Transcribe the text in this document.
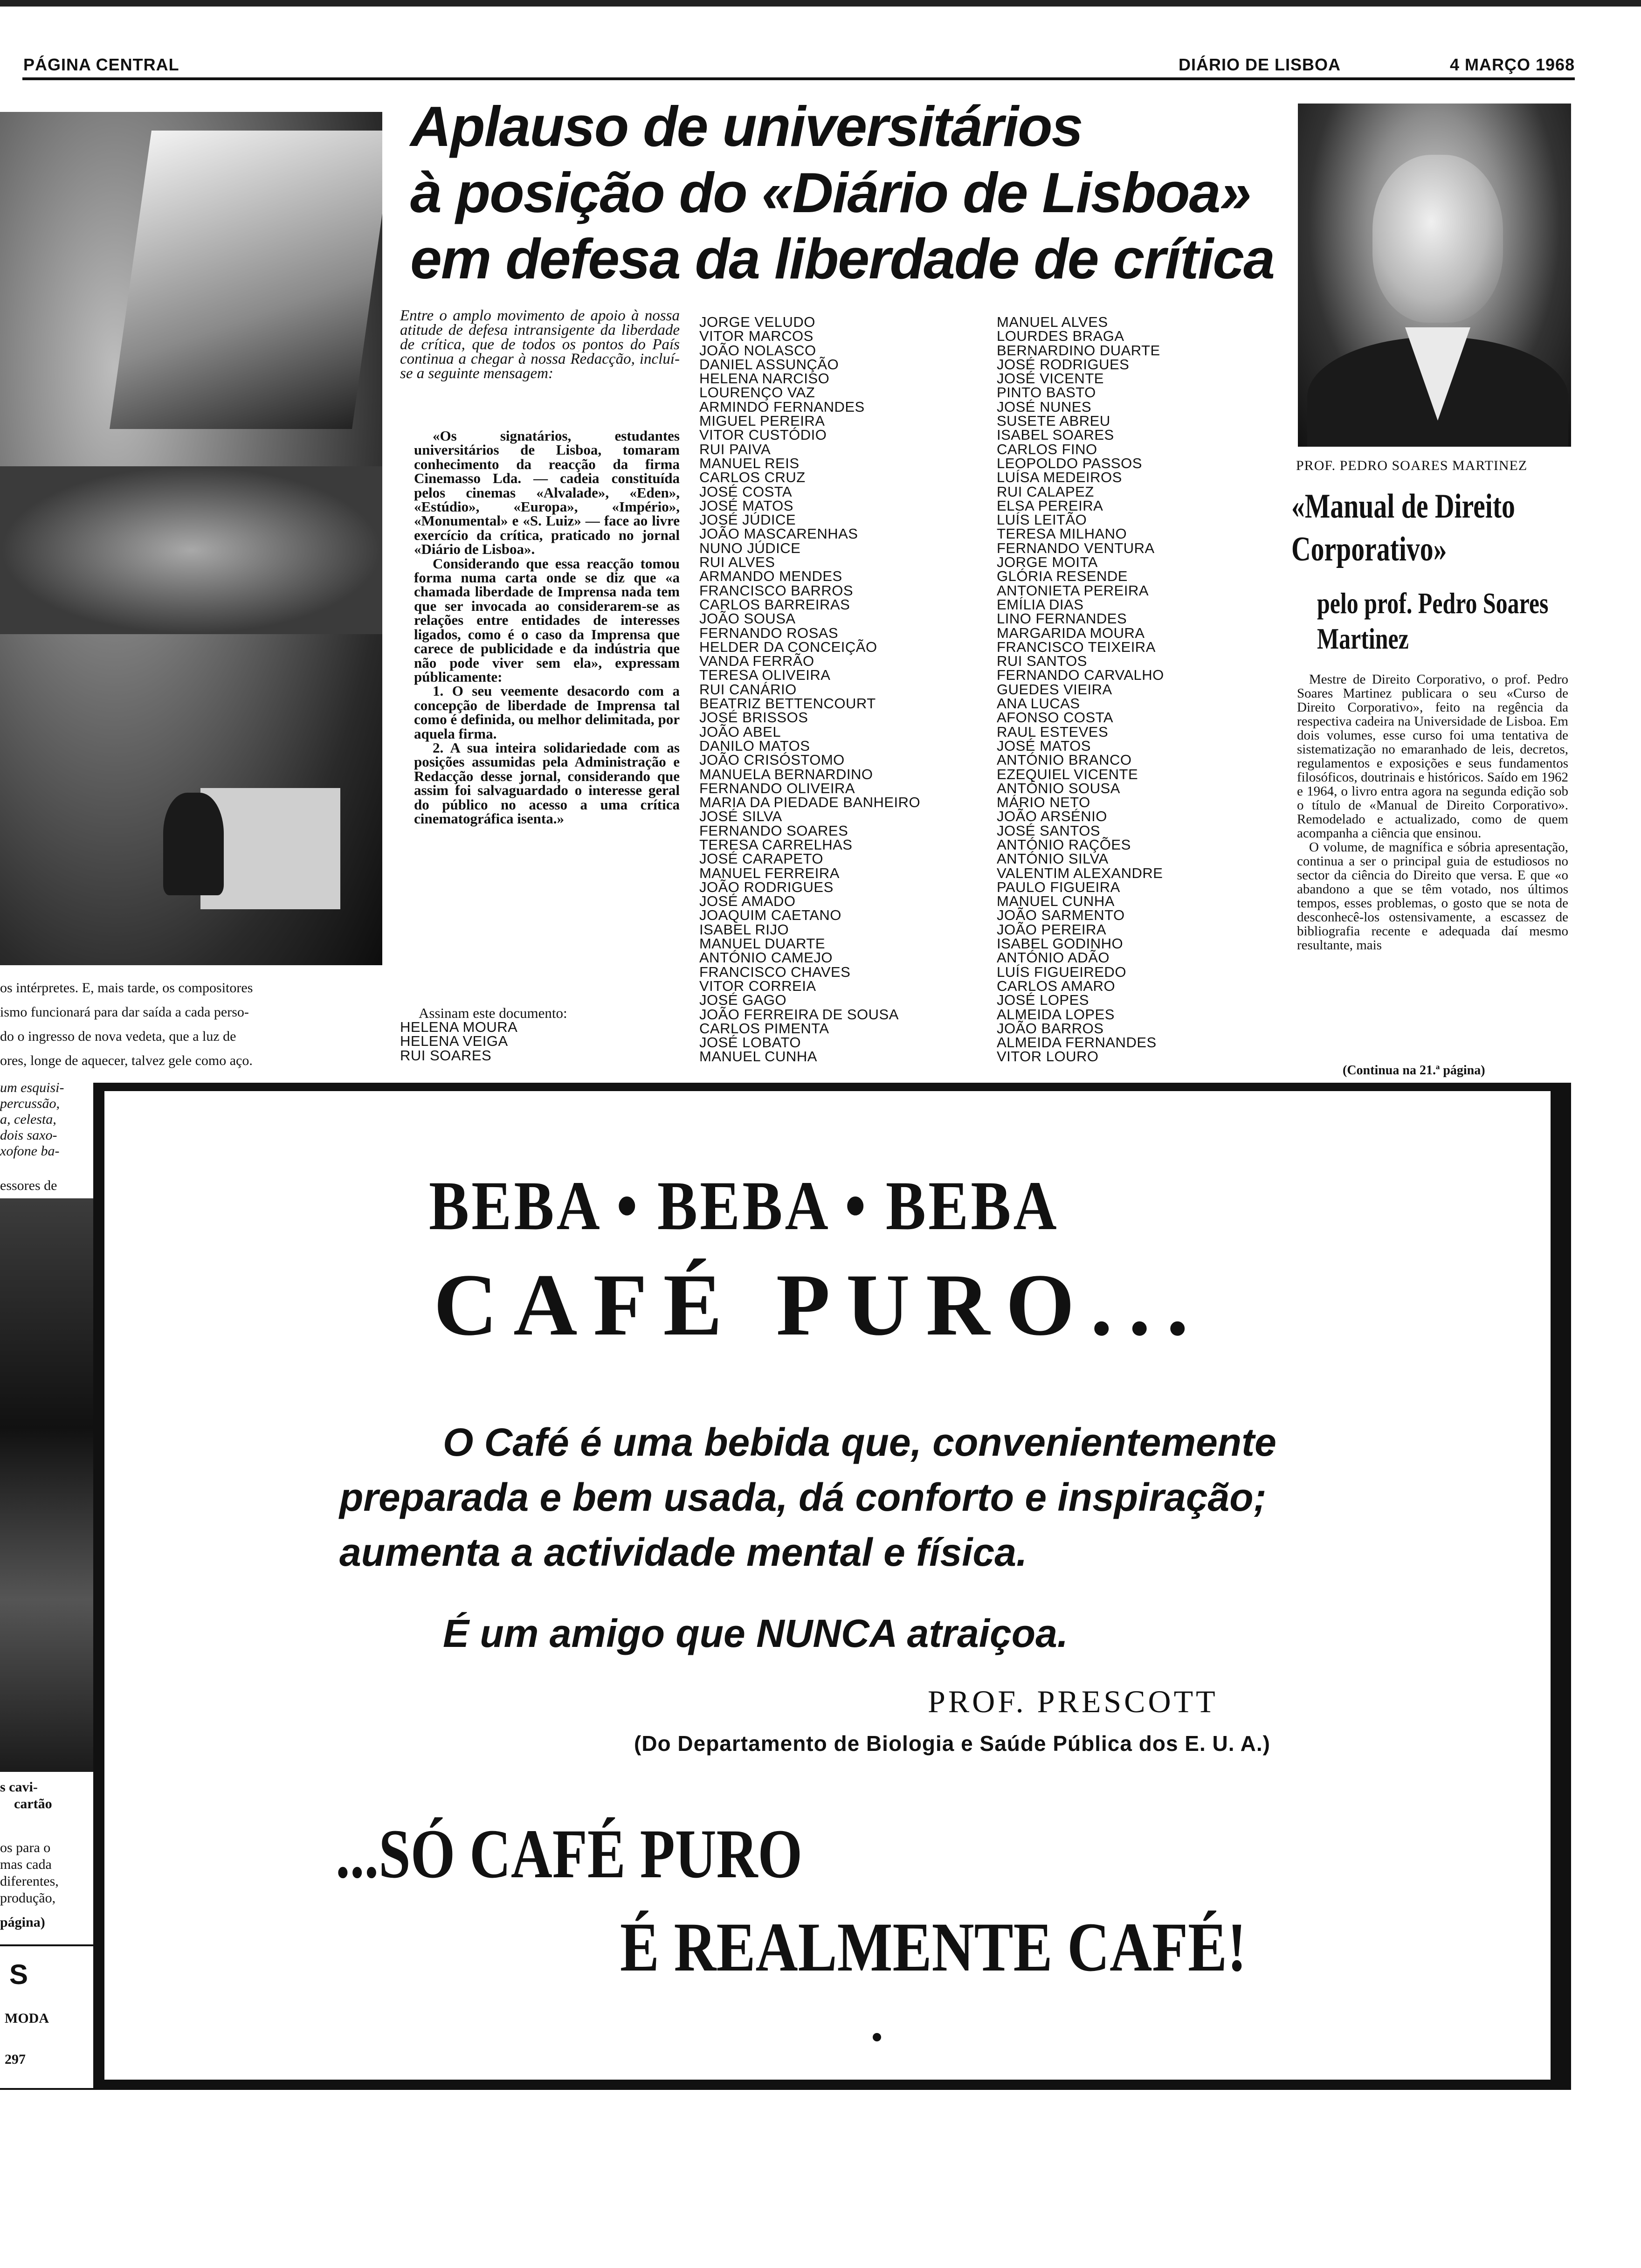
PÁGINA CENTRAL	DIÁRIO DE LISBOA	4 MARÇO 1968
os intérpretes. E, mais tarde, os compositores
ismo funcionará para dar saída a cada perso-
do o ingresso de nova vedeta, que a luz de
ores, longe de aquecer, talvez gele como aço.
um esquisi-
percussão,
a, celesta,
dois saxo-
xofone ba-
essores de
s cavi-
cartão
os para o
mas cada
diferentes,
produção,
página)
S
MODA
297
Aplauso de universitários
à posição do «Diário de Lisboa»
em defesa da liberdade de crítica
Entre o amplo movimento de apoio à nossa atitude de defesa intransigente da liberdade de crítica, que de todos os pontos do País continua a chegar à nossa Redacção, incluí-se a seguinte mensagem:

«Os signatários, estudantes universitários de Lisboa, tomaram conhecimento da reacção da firma Cinemasso Lda. — cadeia constituída pelos cinemas «Alvalade», «Eden», «Estúdio», «Europa», «Império», «Monumental» e «S. Luiz» — face ao livre exercício da crítica, praticado no jornal «Diário de Lisboa».

Considerando que essa reacção tomou forma numa carta onde se diz que «a chamada liberdade de Imprensa nada tem que ser invocada ao considerarem-se as relações entre entidades de interesses ligados, como é o caso da Imprensa que carece de publicidade e da indústria que não pode viver sem ela», expressam públicamente:

1. O seu veemente desacordo com a concepção de liberdade de Imprensa tal como é definida, ou melhor delimitada, por aquela firma.

2. A sua inteira solidariedade com as posições assumidas pela Administração e Redacção desse jornal, considerando que assim foi salvaguardado o interesse geral do público no acesso a uma crítica cinematográfica isenta.»

Assinam este documento:
HELENA MOURA
HELENA VEIGA
RUI SOARES
JORGE VELUDO
VITOR MARCOS
JOÃO NOLASCO
DANIEL ASSUNÇÃO
HELENA NARCISO
LOURENÇO VAZ
ARMINDO FERNANDES
MIGUEL PEREIRA
VITOR CUSTÓDIO
RUI PAIVA
MANUEL REIS
CARLOS CRUZ
JOSÉ COSTA
JOSÉ MATOS
JOSÉ JÚDICE
JOÃO MASCARENHAS
NUNO JÚDICE
RUI ALVES
ARMANDO MENDES
FRANCISCO BARROS
CARLOS BARREIRAS
JOÃO SOUSA
FERNANDO ROSAS
HELDER DA CONCEIÇÃO
VANDA FERRÃO
TERESA OLIVEIRA
RUI CANÁRIO
BEATRIZ BETTENCOURT
JOSÉ BRISSOS
JOÃO ABEL
DANILO MATOS
JOÃO CRISÓSTOMO
MANUELA BERNARDINO
FERNANDO OLIVEIRA
MARIA DA PIEDADE BANHEIRO
JOSÉ SILVA
FERNANDO SOARES
TERESA CARRELHAS
JOSÉ CARAPETO
MANUEL FERREIRA
JOÃO RODRIGUES
JOSÉ AMADO
JOAQUIM CAETANO
ISABEL RIJO
MANUEL DUARTE
ANTÓNIO CAMEJO
FRANCISCO CHAVES
VITOR CORREIA
JOSÉ GAGO
JOÃO FERREIRA DE SOUSA
CARLOS PIMENTA
JOSÉ LOBATO
MANUEL CUNHA
MANUEL ALVES
LOURDES BRAGA
BERNARDINO DUARTE
JOSÉ RODRIGUES
JOSÉ VICENTE
PINTO BASTO
JOSÉ NUNES
SUSETE ABREU
ISABEL SOARES
CARLOS FINO
LEOPOLDO PASSOS
LUÍSA MEDEIROS
RUI CALAPEZ
ELSA PEREIRA
LUÍS LEITÃO
TERESA MILHANO
FERNANDO VENTURA
JORGE MOITA
GLÓRIA RESENDE
ANTONIETA PEREIRA
EMÍLIA DIAS
LINO FERNANDES
MARGARIDA MOURA
FRANCISCO TEIXEIRA
RUI SANTOS
FERNANDO CARVALHO
GUEDES VIEIRA
ANA LUCAS
AFONSO COSTA
RAUL ESTEVES
JOSÉ MATOS
ANTÓNIO BRANCO
EZEQUIEL VICENTE
ANTÓNIO SOUSA
MÁRIO NETO
JOÃO ARSÉNIO
JOSÉ SANTOS
ANTÓNIO RAÇÕES
ANTÓNIO SILVA
VALENTIM ALEXANDRE
PAULO FIGUEIRA
MANUEL CUNHA
JOÃO SARMENTO
JOÃO PEREIRA
ISABEL GODINHO
ANTÓNIO ADÃO
LUÍS FIGUEIREDO
CARLOS AMARO
JOSÉ LOPES
ALMEIDA LOPES
JOÃO BARROS
ALMEIDA FERNANDES
VITOR LOURO
PROF. PEDRO SOARES MARTINEZ
«Manual de Direito
Corporativo»
pelo prof. Pedro Soares
Martinez

Mestre de Direito Corporativo, o prof. Pedro Soares Martinez publicara o seu «Curso de Direito Corporativo», feito na regência da respectiva cadeira na Universidade de Lisboa. Em dois volumes, esse curso foi uma tentativa de sistematização no emaranhado de leis, decretos, regulamentos e exposições e seus fundamentos filosóficos, doutrinais e históricos. Saído em 1962 e 1964, o livro entra agora na segunda edição sob o título de «Manual de Direito Corporativo». Remodelado e actualizado, como de quem acompanha a ciência que ensinou.

O volume, de magnífica e sóbria apresentação, continua a ser o principal guia de estudiosos no sector da ciência do Direito que versa. E que «o abandono a que se têm votado, nos últimos tempos, esses problemas, o gosto que se nota de desconhecê-los ostensivamente, a escassez de bibliografia recente e adequada daí mesmo resultante, mais

(Continua na 21.ª página)
BEBA • BEBA • BEBA
CAFÉ PURO...
O Café é uma bebida que, convenientemente
preparada e bem usada, dá conforto e inspiração;
aumenta a actividade mental e física.
É um amigo que NUNCA atraiçoa.
PROF. PRESCOTT
(Do Departamento de Biologia e Saúde Pública dos E. U. A.)
...SÓ CAFÉ PURO
É REALMENTE CAFÉ!
